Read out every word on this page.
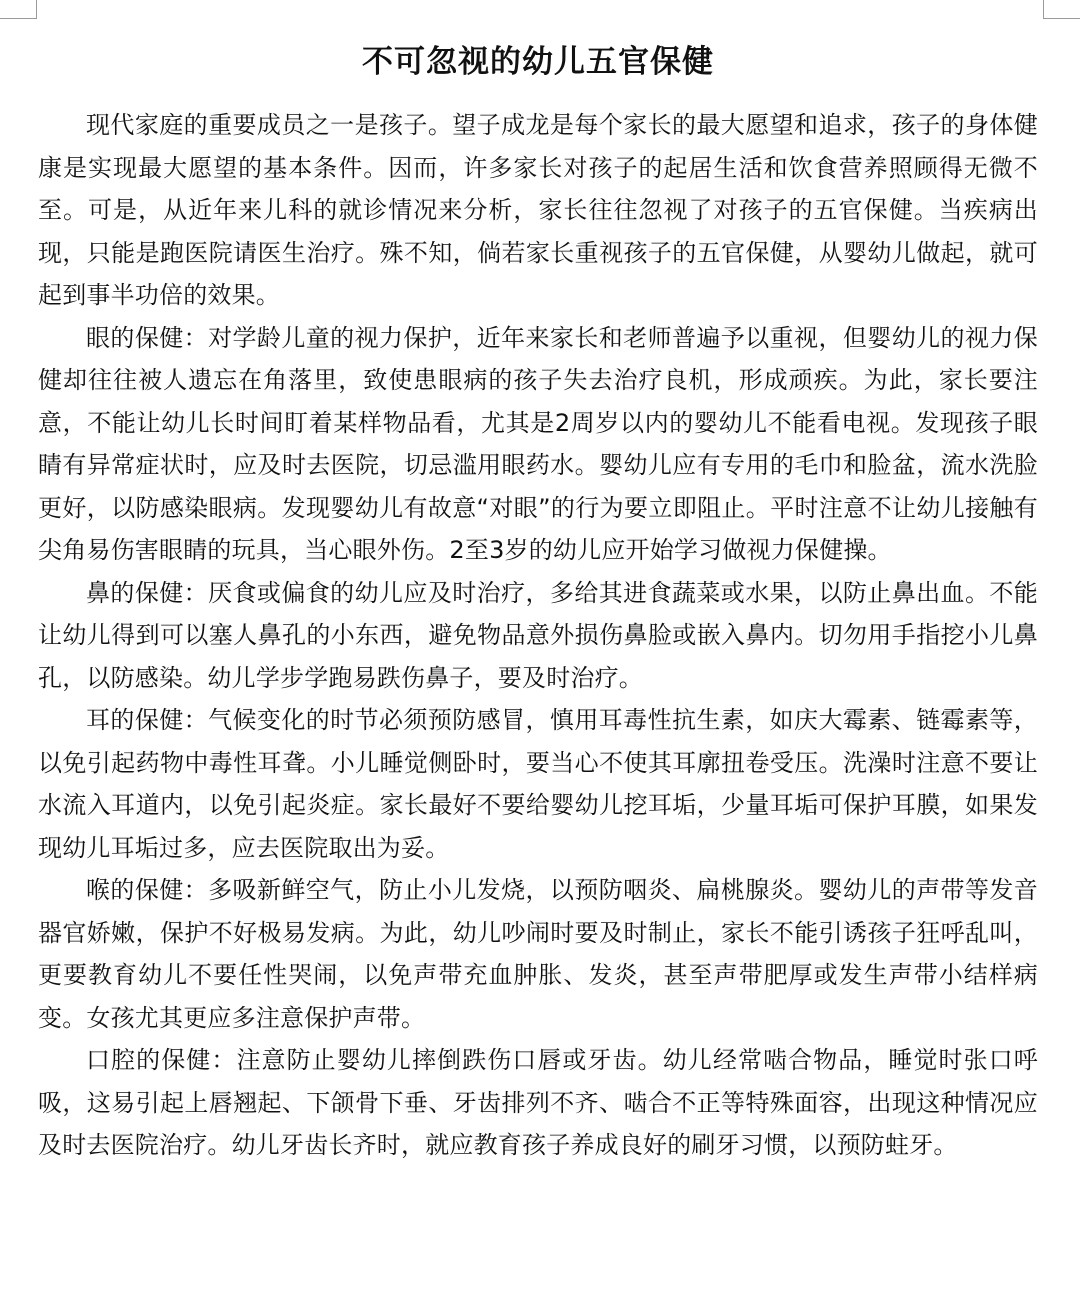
不可忽视的幼儿五官保健

现代家庭的重要成员之一是孩子。望子成龙是每个家长的最大愿望和追求，孩子的身体健康是实现最大愿望的基本条件。因而，许多家长对孩子的起居生活和饮食营养照顾得无微不至。可是，从近年来儿科的就诊情况来分析，家长往往忽视了对孩子的五官保健。当疾病出现，只能是跑医院请医生治疗。殊不知，倘若家长重视孩子的五官保健，从婴幼儿做起，就可起到事半功倍的效果。

眼的保健：对学龄儿童的视力保护，近年来家长和老师普遍予以重视，但婴幼儿的视力保健却往往被人遗忘在角落里，致使患眼病的孩子失去治疗良机，形成顽疾。为此，家长要注意，不能让幼儿长时间盯着某样物品看，尤其是2周岁以内的婴幼儿不能看电视。发现孩子眼睛有异常症状时，应及时去医院，切忌滥用眼药水。婴幼儿应有专用的毛巾和脸盆，流水洗脸更好，以防感染眼病。发现婴幼儿有故意“对眼”的行为要立即阻止。平时注意不让幼儿接触有尖角易伤害眼睛的玩具，当心眼外伤。2至3岁的幼儿应开始学习做视力保健操。

鼻的保健：厌食或偏食的幼儿应及时治疗，多给其进食蔬菜或水果，以防止鼻出血。不能让幼儿得到可以塞人鼻孔的小东西，避免物品意外损伤鼻脸或嵌入鼻内。切勿用手指挖小儿鼻孔，以防感染。幼儿学步学跑易跌伤鼻子，要及时治疗。

耳的保健：气候变化的时节必须预防感冒，慎用耳毒性抗生素，如庆大霉素、链霉素等，以免引起药物中毒性耳聋。小儿睡觉侧卧时，要当心不使其耳廓扭卷受压。洗澡时注意不要让水流入耳道内，以免引起炎症。家长最好不要给婴幼儿挖耳垢，少量耳垢可保护耳膜，如果发现幼儿耳垢过多，应去医院取出为妥。

喉的保健：多吸新鲜空气，防止小儿发烧，以预防咽炎、扁桃腺炎。婴幼儿的声带等发音器官娇嫩，保护不好极易发病。为此，幼儿吵闹时要及时制止，家长不能引诱孩子狂呼乱叫，更要教育幼儿不要任性哭闹，以免声带充血肿胀、发炎，甚至声带肥厚或发生声带小结样病变。女孩尤其更应多注意保护声带。

口腔的保健：注意防止婴幼儿摔倒跌伤口唇或牙齿。幼儿经常啮合物品，睡觉时张口呼吸，这易引起上唇翘起、下颌骨下垂、牙齿排列不齐、啮合不正等特殊面容，出现这种情况应及时去医院治疗。幼儿牙齿长齐时，就应教育孩子养成良好的刷牙习惯，以预防蛀牙。
